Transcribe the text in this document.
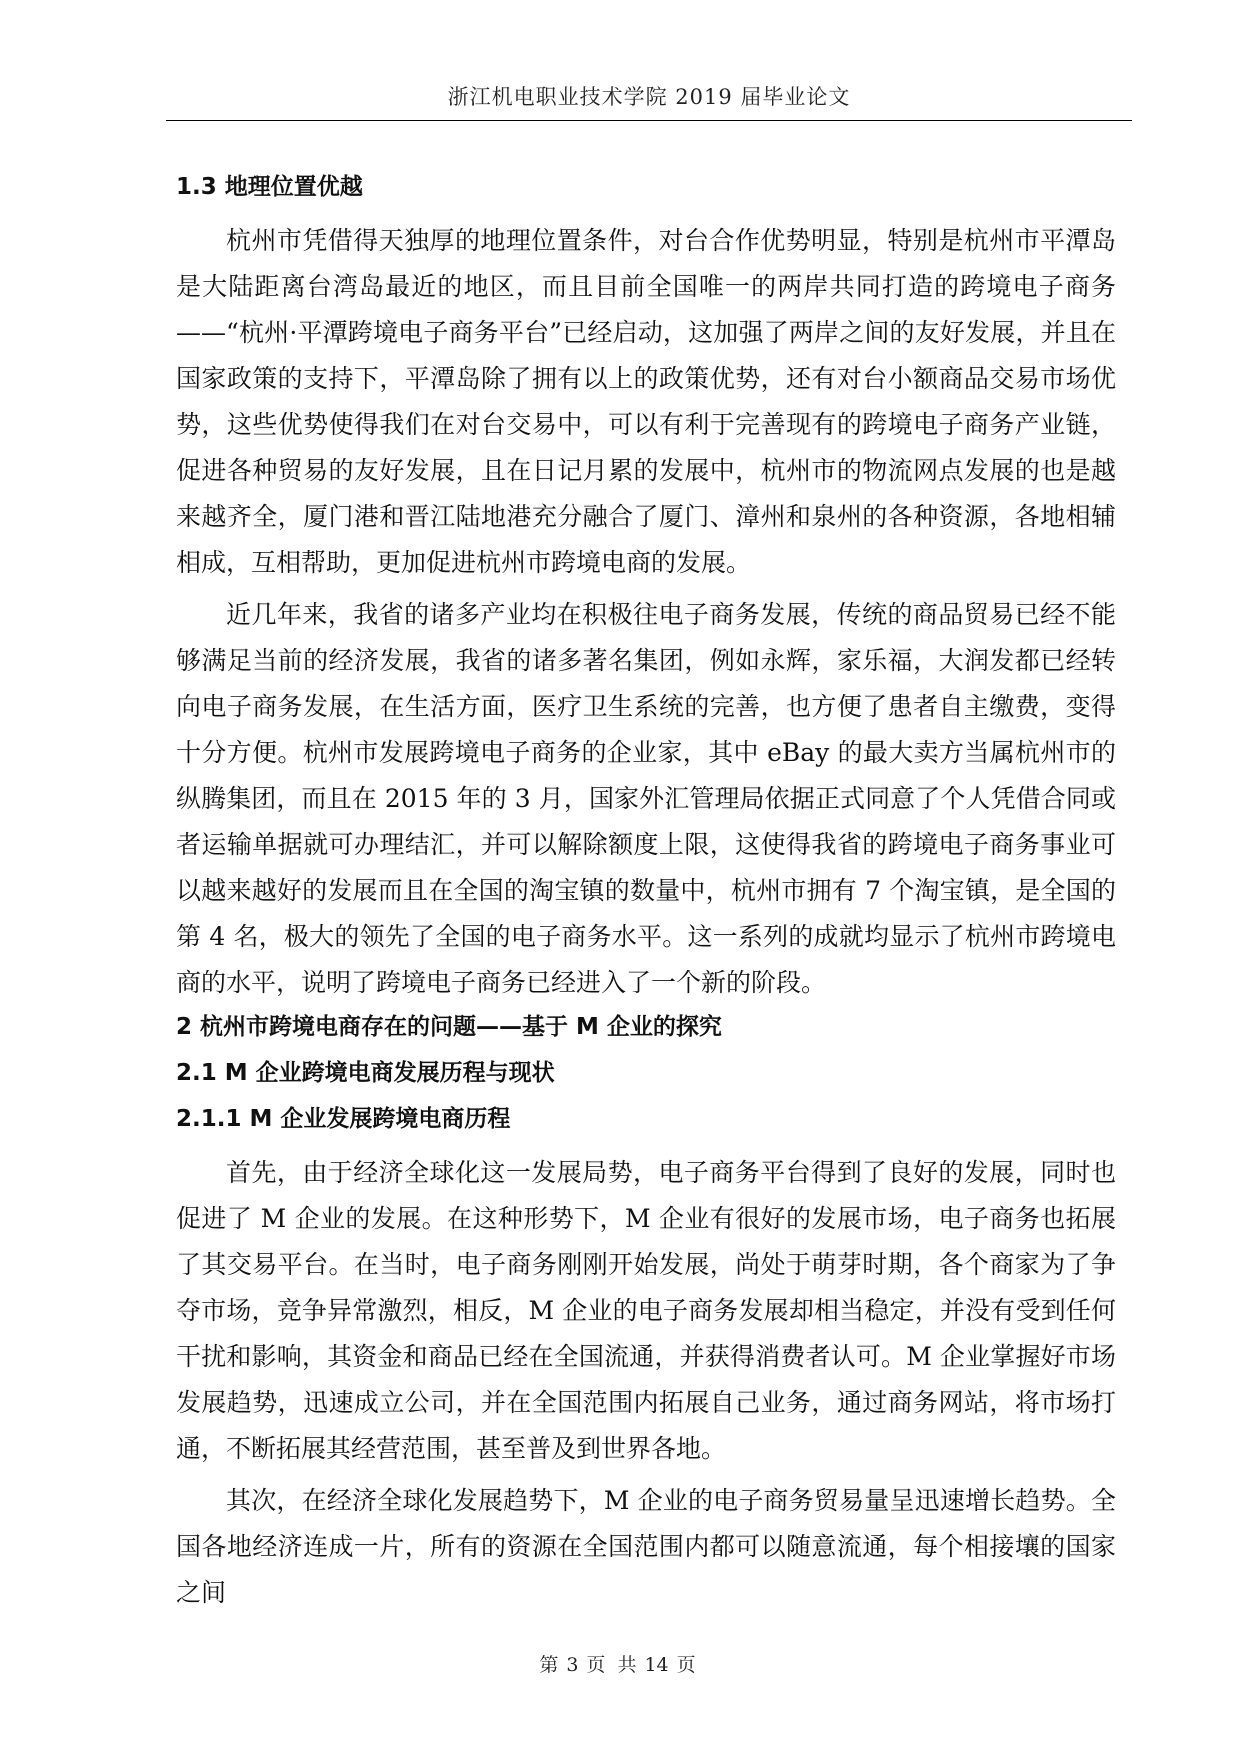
浙江机电职业技术学院 2019 届毕业论文
1.3 地理位置优越

杭州市凭借得天独厚的地理位置条件，对台合作优势明显，特别是杭州市平潭岛是大陆距离台湾岛最近的地区，而且目前全国唯一的两岸共同打造的跨境电子商务——“杭州·平潭跨境电子商务平台”已经启动，这加强了两岸之间的友好发展，并且在国家政策的支持下，平潭岛除了拥有以上的政策优势，还有对台小额商品交易市场优势，这些优势使得我们在对台交易中，可以有利于完善现有的跨境电子商务产业链，促进各种贸易的友好发展，且在日记月累的发展中，杭州市的物流网点发展的也是越来越齐全，厦门港和晋江陆地港充分融合了厦门、漳州和泉州的各种资源，各地相辅相成，互相帮助，更加促进杭州市跨境电商的发展。

近几年来，我省的诸多产业均在积极往电子商务发展，传统的商品贸易已经不能够满足当前的经济发展，我省的诸多著名集团，例如永辉，家乐福，大润发都已经转向电子商务发展，在生活方面，医疗卫生系统的完善，也方便了患者自主缴费，变得十分方便。杭州市发展跨境电子商务的企业家，其中 eBay 的最大卖方当属杭州市的纵腾集团，而且在 2015 年的 3 月，国家外汇管理局依据正式同意了个人凭借合同或者运输单据就可办理结汇，并可以解除额度上限，这使得我省的跨境电子商务事业可以越来越好的发展而且在全国的淘宝镇的数量中，杭州市拥有 7 个淘宝镇，是全国的第 4 名，极大的领先了全国的电子商务水平。这一系列的成就均显示了杭州市跨境电商的水平，说明了跨境电子商务已经进入了一个新的阶段。

2 杭州市跨境电商存在的问题——基于 M 企业的探究
2.1 M 企业跨境电商发展历程与现状
2.1.1 M 企业发展跨境电商历程

首先，由于经济全球化这一发展局势，电子商务平台得到了良好的发展，同时也促进了 M 企业的发展。在这种形势下，M 企业有很好的发展市场，电子商务也拓展了其交易平台。在当时，电子商务刚刚开始发展，尚处于萌芽时期，各个商家为了争夺市场，竞争异常激烈，相反，M 企业的电子商务发展却相当稳定，并没有受到任何干扰和影响，其资金和商品已经在全国流通，并获得消费者认可。M 企业掌握好市场发展趋势，迅速成立公司，并在全国范围内拓展自己业务，通过商务网站，将市场打通，不断拓展其经营范围，甚至普及到世界各地。

其次，在经济全球化发展趋势下，M 企业的电子商务贸易量呈迅速增长趋势。全国各地经济连成一片，所有的资源在全国范围内都可以随意流通，每个相接壤的国家之间

第 3 页 共 14 页
